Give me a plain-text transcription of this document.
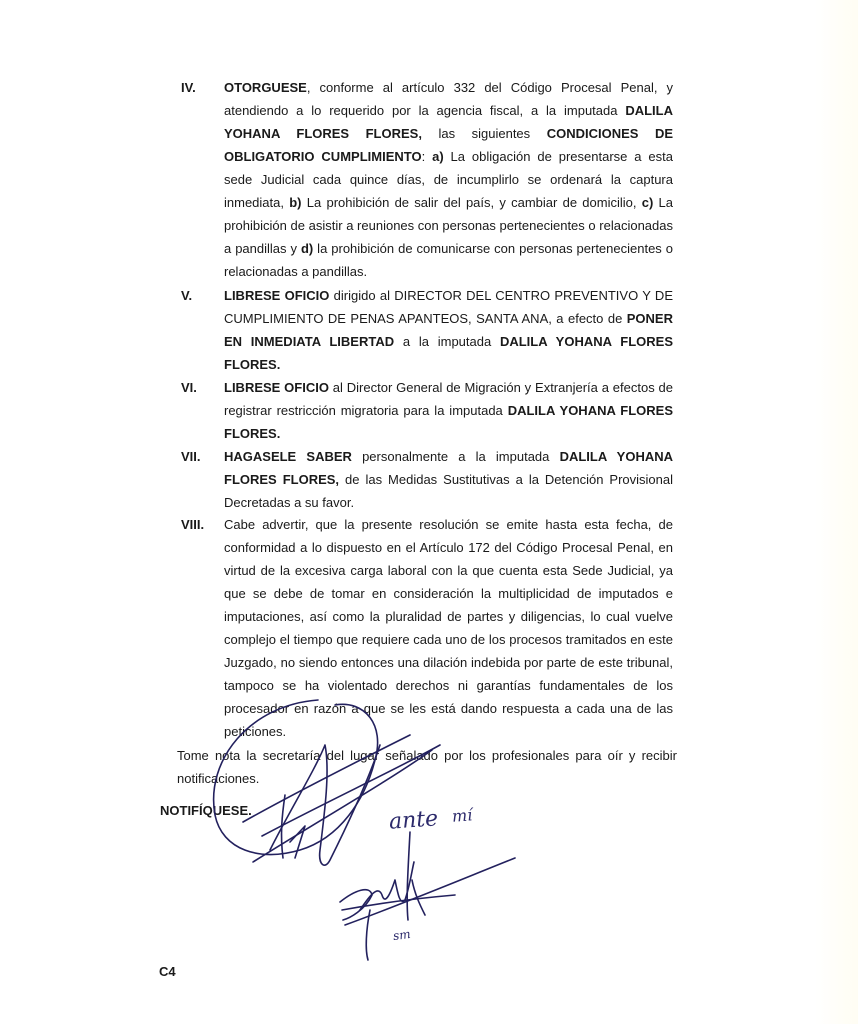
IV. OTORGUESE, conforme al artículo 332 del Código Procesal Penal, y atendiendo a lo requerido por la agencia fiscal, a la imputada DALILA YOHANA FLORES FLORES, las siguientes CONDICIONES DE OBLIGATORIO CUMPLIMIENTO: a) La obligación de presentarse a esta sede Judicial cada quince días, de incumplirlo se ordenará la captura inmediata, b) La prohibición de salir del país, y cambiar de domicilio, c) La prohibición de asistir a reuniones con personas pertenecientes o relacionadas a pandillas y d) la prohibición de comunicarse con personas pertenecientes o relacionadas a pandillas.
V. LIBRESE OFICIO dirigido al DIRECTOR DEL CENTRO PREVENTIVO Y DE CUMPLIMIENTO DE PENAS APANTEOS, SANTA ANA, a efecto de PONER EN INMEDIATA LIBERTAD a la imputada DALILA YOHANA FLORES FLORES.
VI. LIBRESE OFICIO al Director General de Migración y Extranjería a efectos de registrar restricción migratoria para la imputada DALILA YOHANA FLORES FLORES.
VII. HAGASELE SABER personalmente a la imputada DALILA YOHANA FLORES FLORES, de las Medidas Sustitutivas a la Detención Provisional Decretadas a su favor.
VIII. Cabe advertir, que la presente resolución se emite hasta esta fecha, de conformidad a lo dispuesto en el Artículo 172 del Código Procesal Penal, en virtud de la excesiva carga laboral con la que cuenta esta Sede Judicial, ya que se debe de tomar en consideración la multiplicidad de imputados e imputaciones, así como la pluralidad de partes y diligencias, lo cual vuelve complejo el tiempo que requiere cada uno de los procesos tramitados en este Juzgado, no siendo entonces una dilación indebida por parte de este tribunal, tampoco se ha violentado derechos ni garantías fundamentales de los procesador en razón a que se les está dando respuesta a cada una de las peticiones.
Tome nota la secretaría del lugar señalado por los profesionales para oír y recibir notificaciones.
NOTIFÍQUESE.	ante mí
sm
C4
